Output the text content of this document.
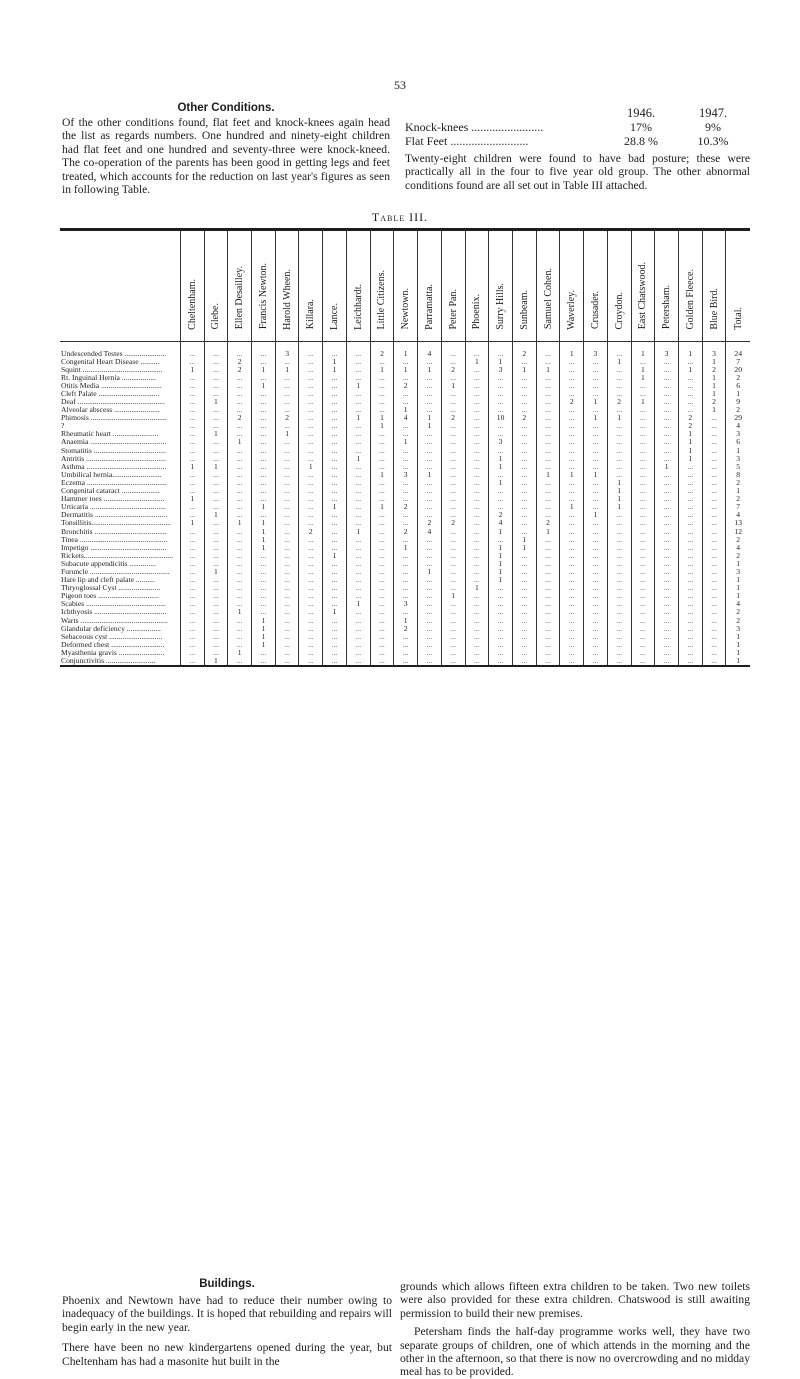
53
Other Conditions.

Of the other conditions found, flat feet and knock-knees again head the list as regards numbers. One hundred and ninety-eight children had flat feet and one hundred and seventy-three were knock-kneed. The co-operation of the parents has been good in getting legs and feet treated, which accounts for the reduction on last year's figures as seen in following Table.

1946.	1947.
Knock-knees ........................	17%	9%
Flat Feet ..........................	28.8 %	10.3%

Twenty-eight children were found to have bad posture; these were practically all in the four to five year old group. The other abnormal conditions found are all set out in Table III attached.

Table III.
	Cheltenham.	Glebe.	Ellen Desailley.	Francis Newton.	Harold Wheen.	Killara.	Lance.	Leichhardt.	Little Citizens.	Newtown.	Parramatta.	Peter Pan.	Phoenix.	Surry Hills.	Sunbeam.	Samuel Cohen.	Waverley.	Crusader.	Croydon.	East Chatswood.	Petersham.	Golden Fleece.	Blue Bird.	Total.
Undescended Testes ......................	...	...	...	...	3	...	...	...	2	1	4	...	...	...	2	...	1	3	...	1	3	1	3	24
Congenital Heart Disease ..........	...	...	2	...	...	...	1	...	...	...	...	...	1	1	...	...	...	...	1	...	...	...	1	7
Squint ..........................................	1	...	2	1	1	...	1	...	1	1	1	2	...	3	1	1	...	...	...	1	...	1	2	20
Rt. Inguinal Hernia ..................	...	...	...	...	...	...	...	...	...	...	...	...	...	...	...	...	...	...	...	1	...	...	1	2
Otitis Media ................................	...	...	...	1	...	...	...	1	...	2	...	1	...	...	...	...	...	...	...	...	...	...	1	6
Cleft Palate ................................	...	...	...	...	...	...	...	...	...	...	...	...	...	...	...	...	...	...	...	...	...	...	1	1
Deaf ..............................................	...	1	...	...	...	...	...	...	...	...	...	...	...	...	...	...	2	1	2	1	...	...	2	9
Alveolar abscess ........................	...	...	...	...	...	...	...	...	...	1	...	...	...	...	...	...	...	...	...	...	...	...	1	2
Phimosis ........................................	...	...	2	...	2	...	...	1	1	4	1	2	...	10	2	...	...	1	1	...	...	2	...	29
?	...	...	...	...	...	...	...	...	1	...	1	...	...	...	...	...	...	...	...	...	...	2	...	4
Rheumatic heart ........................	...	1	...	...	1	...	...	...	...	...	...	...	...	...	...	...	...	...	...	...	...	1	...	3
Anaemia ........................................	...	...	1	...	...	...	...	...	...	1	...	...	...	3	...	...	...	...	...	...	...	1	...	6
Stomatitis ......................................	...	...	...	...	...	...	...	...	...	...	...	...	...	...	...	...	...	...	...	...	...	1	...	1
Antritis ..........................................	...	...	...	...	...	...	...	1	...	...	...	...	...	1	...	...	...	...	...	...	...	1	...	3
Asthma ..........................................	1	1	...	...	...	1	...	...	...	...	...	...	...	1	...	...	...	...	...	...	1	...	...	5
Umbilical hernia..........................	...	...	...	...	...	...	...	...	1	3	1	...	...	...	...	1	1	1	...	...	...	...	...	8
Eczema ..........................................	...	...	...	...	...	...	...	...	...	...	...	...	...	1	...	...	...	...	1	...	...	...	...	2
Congenital cataract ....................	...	...	...	...	...	...	...	...	...	...	...	...	...	...	...	...	...	...	1	...	...	...	...	1
Hammer toes ................................	1	...	...	...	...	...	...	...	...	...	...	...	...	...	...	...	...	...	1	...	...	...	...	2
Urticaria ........................................	...	...	...	1	...	...	1	...	1	2	...	...	...	...	...	...	1	...	1	...	...	...	...	7
Dermatitis ......................................	...	1	...	...	...	...	...	...	...	...	...	...	...	2	...	...	...	1	...	...	...	...	...	4
Tonsillitis..........................................	1	...	1	1	...	...	...	...	...	...	2	2	...	4	...	2	...	...	...	...	...	...	...	13
Bronchitis ......................................	...	...	...	1	...	2	...	1	...	2	4	...	...	1	...	1	...	...	...	...	...	...	...	12
Tinea ..............................................	...	...	...	1	...	...	...	...	...	...	...	...	...	...	1	...	...	...	...	...	...	...	...	2
Impetigo ........................................	...	...	...	1	...	...	...	...	...	1	...	...	...	1	1	...	...	...	...	...	...	...	...	4
Rickets...............................................	...	...	...	...	...	...	1	...	...	...	...	...	...	1	...	...	...	...	...	...	...	...	...	2
Subacute appendicitis ..............	...	...	...	...	...	...	...	...	...	...	...	...	...	1	...	...	...	...	...	...	...	...	...	1
Furuncle ..........................................	...	1	...	...	...	...	...	...	...	...	1	...	...	1	...	...	...	...	...	...	...	...	...	3
Hare lip and cleft palate ..........	...	...	...	...	...	...	...	...	...	...	...	...	...	1	...	...	...	...	...	...	...	...	...	1
Thryoglossal Cyst ......................	...	...	...	...	...	...	...	...	...	...	...	...	1	...	...	...	...	...	...	...	...	...	...	1
Pigeon toes ................................	...	...	...	...	...	...	...	...	...	...	...	1	...	...	...	...	...	...	...	...	...	...	...	1
Scabies ..........................................	...	...	...	...	...	...	...	1	...	3	...	...	...	...	...	...	...	...	...	...	...	...	...	4
Ichthyosis ......................................	...	...	1	...	...	...	1	...	...	...	...	...	...	...	...	...	...	...	...	...	...	...	...	2
Warts ..............................................	...	...	...	1	...	...	...	...	...	1	...	...	...	...	...	...	...	...	...	...	...	...	...	2
Glandular deficiency ..................	...	...	...	1	...	...	...	...	...	2	...	...	...	...	...	...	...	...	...	...	...	...	...	3
Sebaceous cyst ............................	...	...	...	1	...	...	...	...	...	...	...	...	...	...	...	...	...	...	...	...	...	...	...	1
Deformed chest ............................	...	...	...	1	...	...	...	...	...	...	...	...	...	...	...	...	...	...	...	...	...	...	...	1
Myasthenia gravis ........................	...	...	1	...	...	...	...	...	...	...	...	...	...	...	...	...	...	...	...	...	...	...	...	1
Conjunctivitis ..........................	...	1	...	...	...	...	...	...	...	...	...	...	...	...	...	...	...	...	...	...	...	...	...	1
Buildings.

Phoenix and Newtown have had to reduce their number owing to inadequacy of the buildings. It is hoped that rebuilding and repairs will begin early in the new year.

There have been no new kindergartens opened during the year, but Cheltenham has had a masonite hut built in the

grounds which allows fifteen extra children to be taken. Two new toilets were also provided for these extra children. Chatswood is still awaiting permission to build their new premises.

Petersham finds the half-day programme works well, they have two separate groups of children, one of which attends in the morning and the other in the afternoon, so that there is now no overcrowding and no midday meal has to be provided.
